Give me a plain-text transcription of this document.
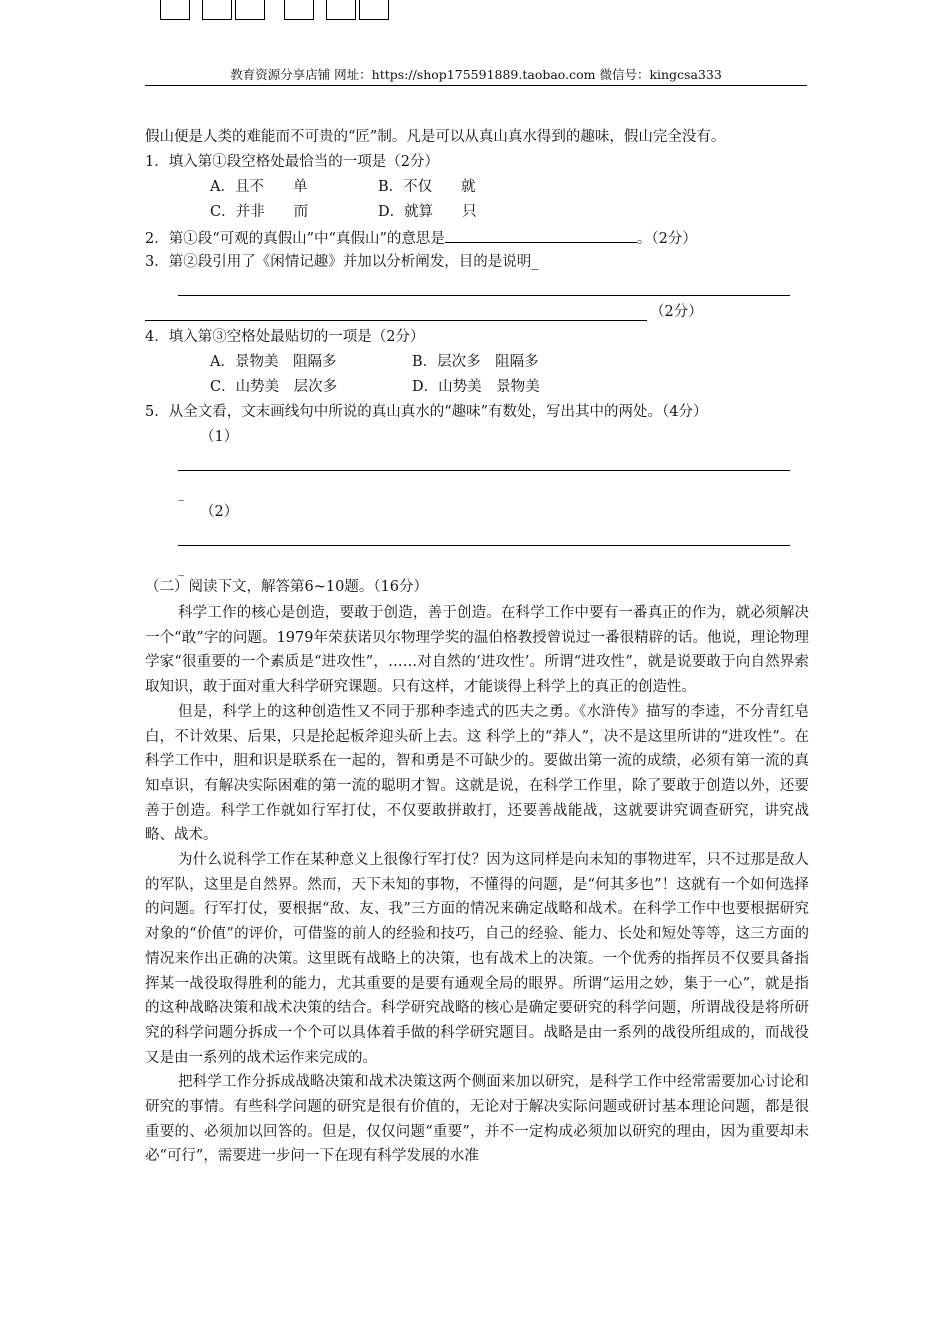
教育资源分享店铺 网址：https://shop175591889.taobao.com 微信号：kingcsa333
假山便是人类的难能而不可贵的“匠”制。凡是可以从真山真水得到的趣味，假山完全没有。
1．填入第①段空格处最恰当的一项是（2分）
A．且不　　单	B．不仅　　就
C．并非　　而	D．就算　　只
2．第①段“可观的真假山”中“真假山”的意思是	。（2分）
3．第②段引用了《闲情记趣》并加以分析阐发，目的是说明_
（2分）
4．填入第③空格处最贴切的一项是（2分）
A．景物美　阻隔多	B．层次多　阻隔多
C．山势美　层次多	D．山势美　景物美
5．从全文看，文末画线句中所说的真山真水的“趣味”有数处，写出其中的两处。（4分）
（1）
_
（2）
_
（二）阅读下文，解答第6~10题。（16分）

科学工作的核心是创造，要敢于创造，善于创造。在科学工作中要有一番真正的作为，就必须解决一个“敢”字的问题。1979年荣获诺贝尔物理学奖的温伯格教授曾说过一番很精辟的话。他说，理论物理学家“很重要的一个素质是“进攻性”，……对自然的‘进攻性’。所谓“进攻性”，就是说要敢于向自然界索取知识，敢于面对重大科学研究课题。只有这样，才能谈得上科学上的真正的创造性。

但是，科学上的这种创造性又不同于那种李逵式的匹夫之勇。《水浒传》描写的李逵，不分青红皂白，不计效果、后果，只是抡起板斧迎头斫上去。这 科学上的“莽人”，决不是这里所讲的“进攻性”。在科学工作中，胆和识是联系在一起的，智和勇是不可缺少的。要做出第一流的成绩，必须有第一流的真知卓识，有解决实际困难的第一流的聪明才智。这就是说，在科学工作里，除了要敢于创造以外，还要善于创造。科学工作就如行军打仗，不仅要敢拼敢打，还要善战能战，这就要讲究调查研究，讲究战略、战术。

为什么说科学工作在某种意义上很像行军打仗？因为这同样是向未知的事物进军，只不过那是敌人的军队，这里是自然界。然而，天下未知的事物，不懂得的问题，是“何其多也”！这就有一个如何选择的问题。行军打仗，要根据“敌、友、我”三方面的情况来确定战略和战术。在科学工作中也要根据研究对象的“价值”的评价，可借鉴的前人的经验和技巧，自己的经验、能力、长处和短处等等，这三方面的情况来作出正确的决策。这里既有战略上的决策，也有战术上的决策。一个优秀的指挥员不仅要具备指挥某一战役取得胜利的能力，尤其重要的是要有通观全局的眼界。所谓“运用之妙，集于一心”，就是指的这种战略决策和战术决策的结合。科学研究战略的核心是确定要研究的科学问题，所谓战役是将所研究的科学问题分拆成一个个可以具体着手做的科学研究题目。战略是由一系列的战役所组成的，而战役又是由一系列的战术运作来完成的。

把科学工作分拆成战略决策和战术决策这两个侧面来加以研究，是科学工作中经常需要加心讨论和研究的事情。有些科学问题的研究是很有价值的，无论对于解决实际问题或研讨基本理论问题，都是很重要的、必须加以回答的。但是，仅仅问题“重要”，并不一定构成必须加以研究的理由，因为重要却未必“可行”，需要进一步问一下在现有科学发展的水准
